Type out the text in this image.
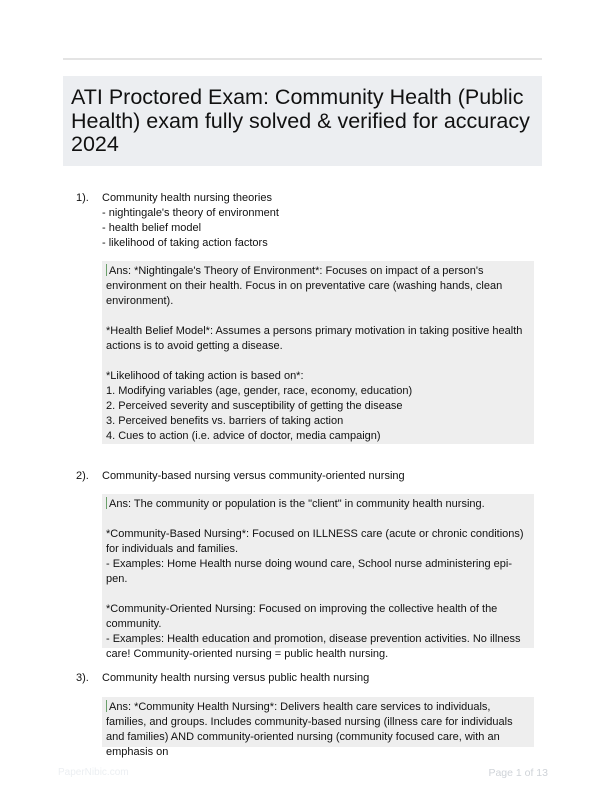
ATI Proctored Exam: Community Health (Public Health) exam fully solved & verified for accuracy 2024
1). Community health nursing theories
- nightingale's theory of environment
- health belief model
- likelihood of taking action factors

Ans: *Nightingale's Theory of Environment*: Focuses on impact of a person's environment on their health. Focus in on preventative care (washing hands, clean environment).

*Health Belief Model*: Assumes a persons primary motivation in taking positive health actions is to avoid getting a disease.

*Likelihood of taking action is based on*:
1. Modifying variables (age, gender, race, economy, education)
2. Perceived severity and susceptibility of getting the disease
3. Perceived benefits vs. barriers of taking action
4. Cues to action (i.e. advice of doctor, media campaign)

2). Community-based nursing versus community-oriented nursing

Ans: The community or population is the "client" in community health nursing.

*Community-Based Nursing*: Focused on ILLNESS care (acute or chronic conditions) for individuals and families.
- Examples: Home Health nurse doing wound care, School nurse administering epi-pen.

*Community-Oriented Nursing: Focused on improving the collective health of the community.
- Examples: Health education and promotion, disease prevention activities. No illness care! Community-oriented nursing = public health nursing.

3). Community health nursing versus public health nursing

Ans: *Community Health Nursing*: Delivers health care services to individuals, families, and groups. Includes community-based nursing (illness care for individuals and families) AND community-oriented nursing (community focused care, with an emphasis on

PaperNibic.com	Page 1 of 13
